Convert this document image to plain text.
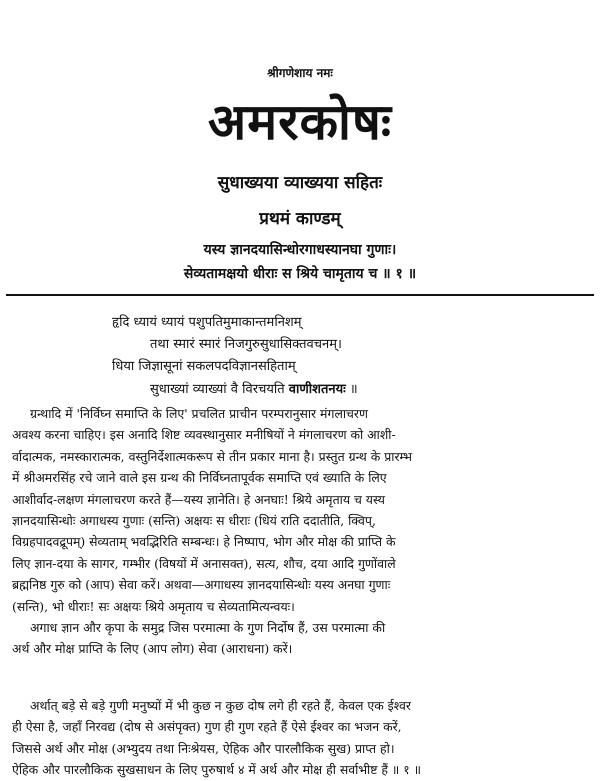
श्रीगणेशाय नमः
अमरकोषः
सुधाख्यया व्याख्यया सहितः
प्रथमं काण्डम्
यस्य ज्ञानदयासिन्धोरगाधस्यानघा गुणाः।
सेव्यतामक्षयो धीराः स श्रिये चामृताय च ॥ १ ॥
हृदि ध्यायं ध्यायं पशुपतिमुमाकान्तमनिशम्
तथा स्मारं स्मारं निजगुरुसुधासिक्तवचनम्।
धिया जिज्ञासूनां सकलपदविज्ञानसहिताम्
सुधाख्यां व्याख्यां वै विरचयति वाणीशतनयः ॥
ग्रन्थादि में 'निर्विघ्न समाप्ति के लिए' प्रचलित प्राचीन परम्परानुसार मंगलाचरण
अवश्य करना चाहिए। इस अनादि शिष्ट व्यवस्थानुसार मनीषियों ने मंगलाचरण को आशी-
र्वादात्मक, नमस्कारात्मक, वस्तुनिर्देशात्मकरूप से तीन प्रकार माना है। प्रस्तुत ग्रन्थ के प्रारम्भ
में श्रीअमरसिंह रचे जाने वाले इस ग्रन्थ की निर्विघ्नतापूर्वक समाप्ति एवं ख्याति के लिए
आशीर्वाद-लक्षण मंगलाचरण करते हैं—यस्य ज्ञानेति। हे अनघाः! श्रिये अमृताय च यस्य
ज्ञानदयासिन्धोः अगाधस्य गुणाः (सन्ति) अक्षयः स धीराः (धियं राति ददातीति, क्विप्,
विग्रहपादवद्रूपम्) सेव्यताम् भवद्भिरिति सम्बन्धः। हे निष्पाप, भोग और मोक्ष की प्राप्ति के
लिए ज्ञान-दया के सागर, गम्भीर (विषयों में अनासक्त), सत्य, शौच, दया आदि गुणोंवाले
ब्रह्मनिष्ठ गुरु को (आप) सेवा करें। अथवा—अगाधस्य ज्ञानदयासिन्धोः यस्य अनघा गुणाः
(सन्ति), भो धीराः! सः अक्षयः श्रिये अमृताय च सेव्यतामित्यन्वयः।
अगाध ज्ञान और कृपा के समुद्र जिस परमात्मा के गुण निर्दोष हैं, उस परमात्मा की
अर्थ और मोक्ष प्राप्ति के लिए (आप लोग) सेवा (आराधना) करें।
अर्थात् बड़े से बड़े गुणी मनुष्यों में भी कुछ न कुछ दोष लगे ही रहते हैं, केवल एक ईश्वर
ही ऐसा है, जहाँ निरवद्य (दोष से असंपृक्त) गुण ही गुण रहते हैं ऐसे ईश्वर का भजन करें,
जिससे अर्थ और मोक्ष (अभ्युदय तथा निःश्रेयस, ऐहिक और पारलौकिक सुख) प्राप्त हो।
ऐहिक और पारलौकिक सुखसाधन के लिए पुरुषार्थ ४ में अर्थ और मोक्ष ही सर्वाभीष्ट हैं ॥ १ ॥
